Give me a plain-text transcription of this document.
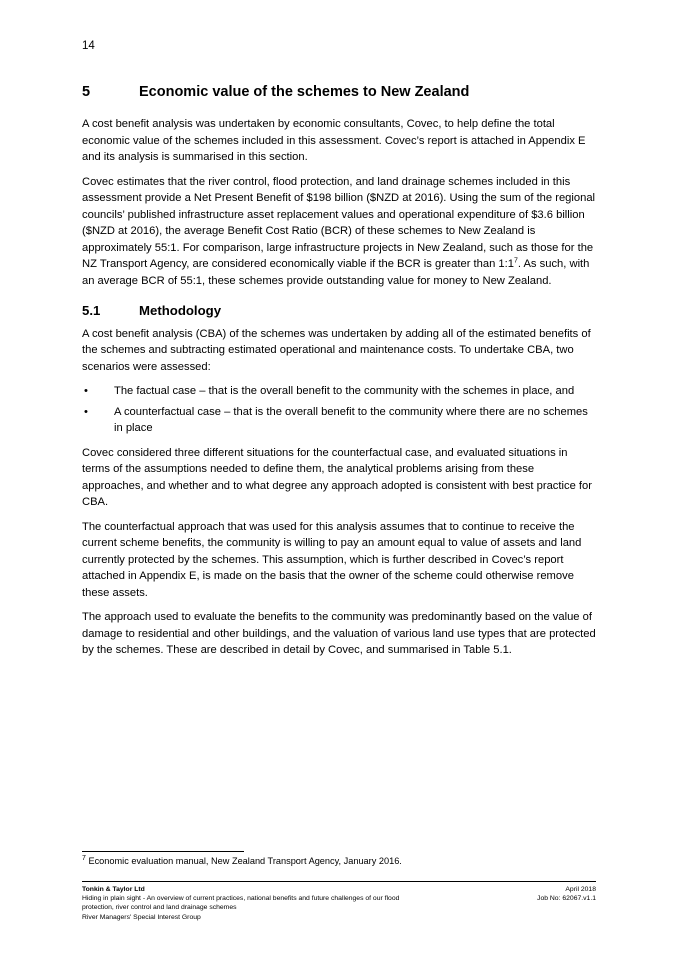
14
5	Economic value of the schemes to New Zealand

A cost benefit analysis was undertaken by economic consultants, Covec, to help define the total economic value of the schemes included in this assessment. Covec’s report is attached in Appendix E and its analysis is summarised in this section.

Covec estimates that the river control, flood protection, and land drainage schemes included in this assessment provide a Net Present Benefit of $198 billion ($NZD at 2016). Using the sum of the regional councils’ published infrastructure asset replacement values and operational expenditure of $3.6 billion ($NZD at 2016), the average Benefit Cost Ratio (BCR) of these schemes to New Zealand is approximately 55:1. For comparison, large infrastructure projects in New Zealand, such as those for the NZ Transport Agency, are considered economically viable if the BCR is greater than $1:1^7$. As such, with an average BCR of 55:1, these schemes provide outstanding value for money to New Zealand.

5.1	Methodology

A cost benefit analysis (CBA) of the schemes was undertaken by adding all of the estimated benefits of the schemes and subtracting estimated operational and maintenance costs. To undertake CBA, two scenarios were assessed:

• The factual case – that is the overall benefit to the community with the schemes in place, and
• A counterfactual case – that is the overall benefit to the community where there are no schemes in place

Covec considered three different situations for the counterfactual case, and evaluated situations in terms of the assumptions needed to define them, the analytical problems arising from these approaches, and whether and to what degree any approach adopted is consistent with best practice for CBA.

The counterfactual approach that was used for this analysis assumes that to continue to receive the current scheme benefits, the community is willing to pay an amount equal to value of assets and land currently protected by the schemes. This assumption, which is further described in Covec’s report attached in Appendix E, is made on the basis that the owner of the scheme could otherwise remove these assets.

The approach used to evaluate the benefits to the community was predominantly based on the value of damage to residential and other buildings, and the valuation of various land use types that are protected by the schemes. These are described in detail by Covec, and summarised in Table 5.1.

$^7$ Economic evaluation manual, New Zealand Transport Agency, January 2016.
Tonkin & Taylor Ltd
Hiding in plain sight - An overview of current practices, national benefits and future challenges of our flood
protection, river control and land drainage schemes
River Managers' Special Interest Group
April 2018
Job No: 62067.v1.1
